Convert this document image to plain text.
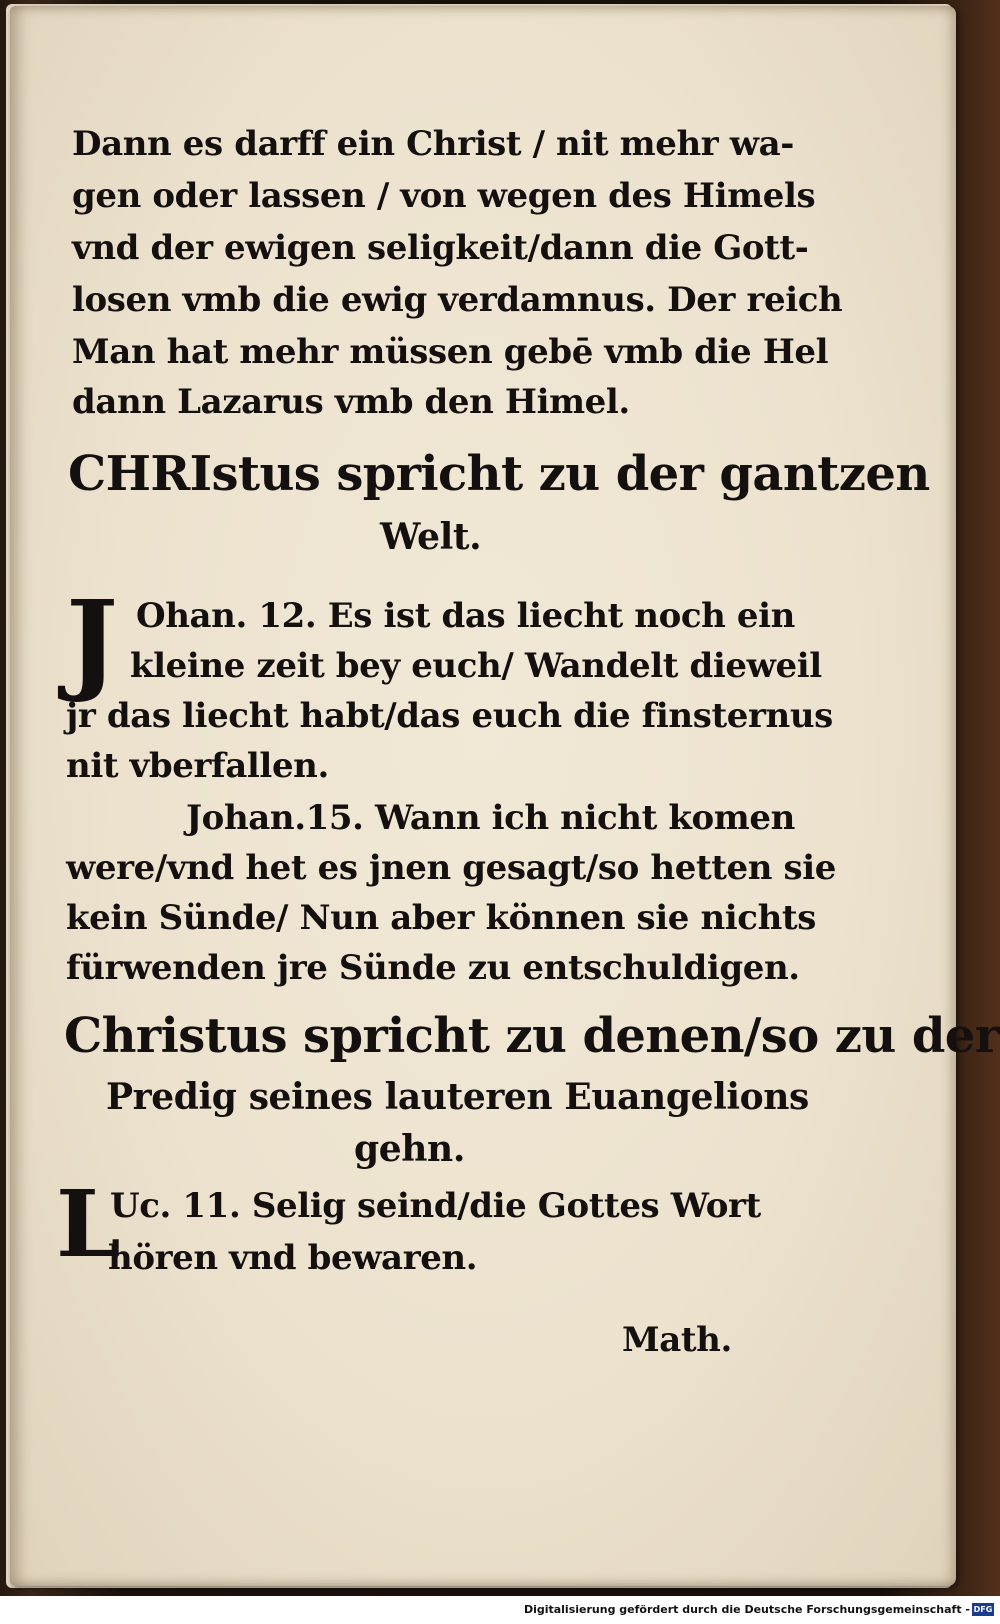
Dann es darff ein Christ / nit mehr wa-

gen oder lassen / von wegen des Himels

vnd der ewigen seligkeit/dann die Gott-

losen vmb die ewig verdamnus. Der reich

Man hat mehr müssen gebē vmb die Hel

dann Lazarus vmb den Himel.

CHRIstus spricht zu der gantzen

Welt.

J Ohan. 12. Es ist das liecht noch ein

kleine zeit bey euch/ Wandelt dieweil

jr das liecht habt/das euch die finsternus

nit vberfallen.

Johan.15. Wann ich nicht komen

were/vnd het es jnen gesagt/so hetten sie

kein Sünde/ Nun aber können sie nichts

fürwenden jre Sünde zu entschuldigen.

Christus spricht zu denen/so zu der

Predig seines lauteren Euangelions

gehn.

L

Uc. 11. Selig seind/die Gottes Wort

hören vnd bewaren.

Math.

Digitalisierung gefördert durch die Deutsche Forschungsgemeinschaft - DFG
